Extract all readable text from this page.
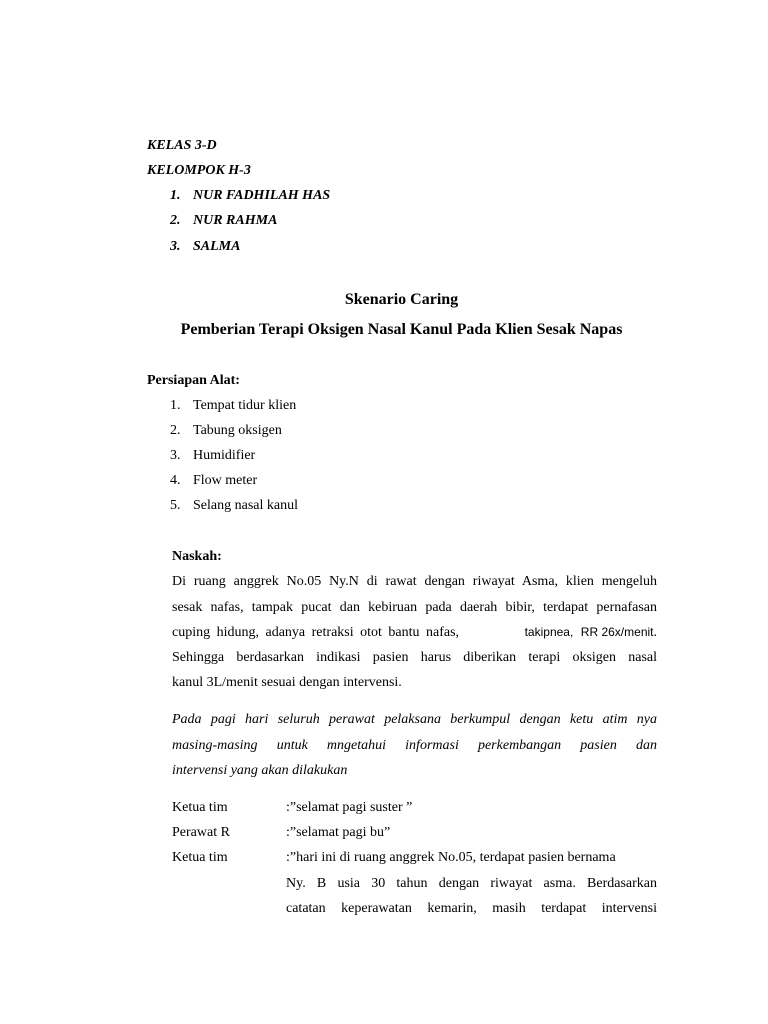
KELAS 3-D
KELOMPOK H-3
1. NUR FADHILAH HAS
2. NUR RAHMA
3. SALMA
Skenario Caring
Pemberian Terapi Oksigen Nasal Kanul Pada Klien Sesak Napas
Persiapan Alat:
1. Tempat tidur klien
2. Tabung oksigen
3. Humidifier
4. Flow meter
5. Selang nasal kanul
Naskah:
Di ruang anggrek No.05 Ny.N di rawat dengan riwayat Asma, klien mengeluh
sesak nafas, tampak pucat dan kebiruan pada daerah bibir, terdapat pernafasan
cuping hidung, adanya retraksi otot bantu nafas,	takipnea, RR 26x/menit.
Sehingga berdasarkan indikasi pasien harus diberikan terapi oksigen nasal
kanul 3L/menit sesuai dengan intervensi.
Pada pagi hari seluruh perawat pelaksana berkumpul dengan ketu atim nya
masing-masing untuk mngetahui informasi perkembangan pasien dan
intervensi yang akan dilakukan
Ketua tim	:”selamat pagi suster ”
Perawat R	:”selamat pagi bu”
Ketua tim	:”hari ini di ruang anggrek No.05, terdapat pasien bernama
Ny. B usia 30 tahun dengan riwayat asma. Berdasarkan
catatan keperawatan kemarin, masih terdapat intervensi
